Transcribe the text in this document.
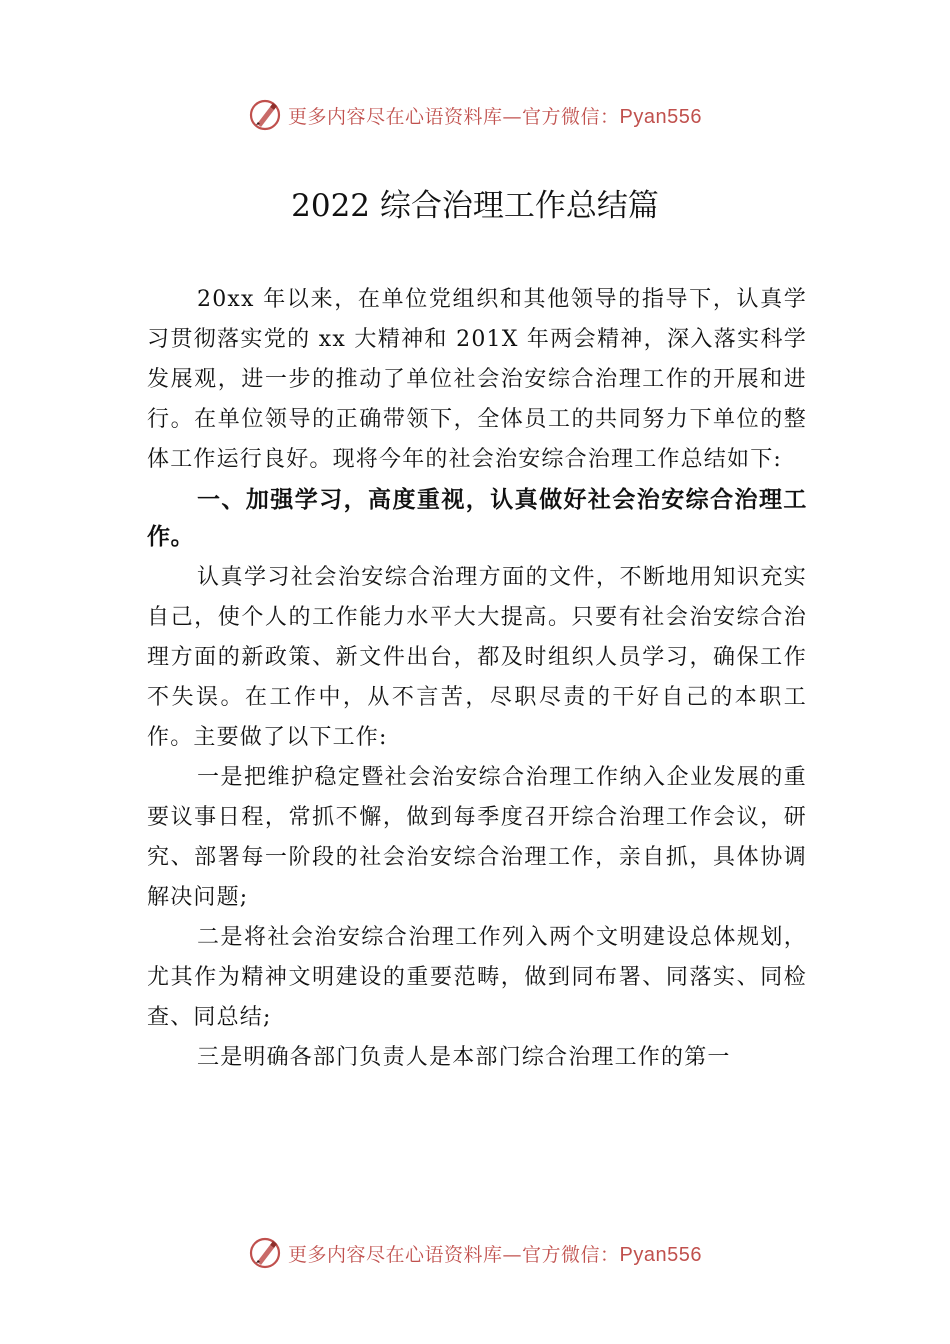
更多内容尽在心语资料库—官方微信：Pyan556
2022 综合治理工作总结篇

20xx 年以来，在单位党组织和其他领导的指导下，认真学习贯彻落实党的 xx 大精神和 201X 年两会精神，深入落实科学发展观，进一步的推动了单位社会治安综合治理工作的开展和进行。在单位领导的正确带领下，全体员工的共同努力下单位的整体工作运行良好。现将今年的社会治安综合治理工作总结如下:

一、加强学习，高度重视，认真做好社会治安综合治理工作。

认真学习社会治安综合治理方面的文件，不断地用知识充实自己，使个人的工作能力水平大大提高。只要有社会治安综合治理方面的新政策、新文件出台，都及时组织人员学习，确保工作不失误。在工作中，从不言苦，尽职尽责的干好自己的本职工作。主要做了以下工作:

一是把维护稳定暨社会治安综合治理工作纳入企业发展的重要议事日程，常抓不懈，做到每季度召开综合治理工作会议，研究、部署每一阶段的社会治安综合治理工作，亲自抓，具体协调解决问题;

二是将社会治安综合治理工作列入两个文明建设总体规划，尤其作为精神文明建设的重要范畴，做到同布署、同落实、同检查、同总结;

三是明确各部门负责人是本部门综合治理工作的第一

更多内容尽在心语资料库—官方微信：Pyan556
